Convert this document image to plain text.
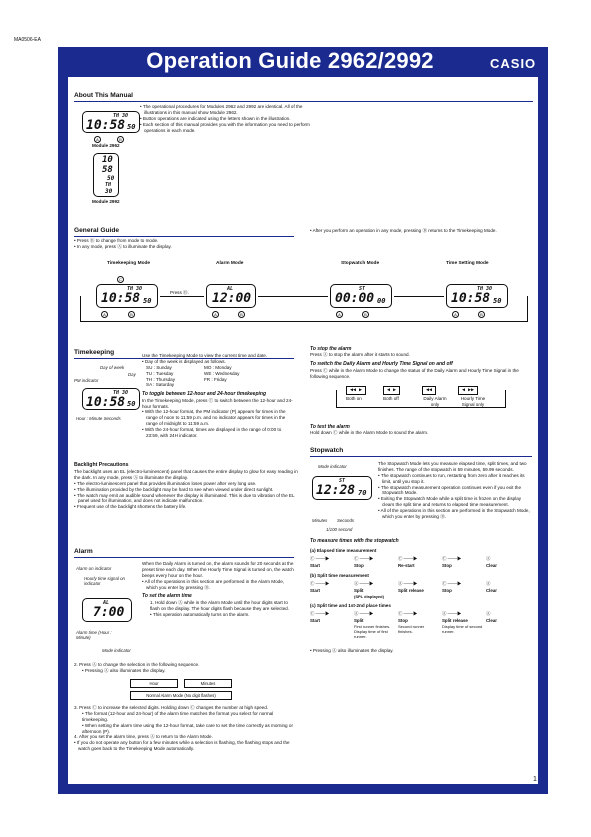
MA0506-EA
Operation Guide 2962/2992	CASIO
About This Manual
TH 30
10:58 50
A	B
Module 2962
10
58
50
TH
30
Module 2992

• The operational procedures for Modules 2962 and 2992 are identical. All of the illustrations in this manual show Module 2962.

• Button operations are indicated using the letters shown in the illustration.

• Each section of this manual provides you with the information you need to perform operations in each mode.

General Guide

• Press Ⓑ to change from mode to mode.

• In any mode, press Ⓐ to illuminate the display.

• After you perform an operation in any mode, pressing Ⓑ returns to the Timekeeping Mode.

Timekeeping Mode	Alarm Mode	Stopwatch Mode	Time Setting Mode
C
TH 30
10:58 50
Press Ⓑ.
AL
12:00
ST
00:00 00
TH 30
10:58 50
A	B	A	B	A	B	A	B
Timekeeping
Day of week
Day
PM indicator
TH 30
10:58 50
Hour : Minute Seconds

Use the Timekeeping Mode to view the current time and date.

• Day of the week is displayed as follows.

SU : Sunday	MO : Monday
TU : Tuesday	WE : Wednesday
TH : Thursday	FR : Friday
SA : Saturday

To toggle between 12-hour and 24-hour timekeeping

In the Timekeeping Mode, press Ⓒ to switch between the 12-hour and 24-hour formats.

• With the 12-hour format, the PM indicator (P) appears for times in the range of noon to 11:59 p.m. and no indicator appears for times in the range of midnight to 11:59 a.m.

• With the 24-hour format, times are displayed in the range of 0:00 to 23:59, with 24H indicator.

Backlight Precautions

The backlight uses an EL (electro-luminescent) panel that causes the entire display to glow for easy reading in the dark. In any mode, press Ⓐ to illuminate the display.

• The electro-luminescent panel that provides illumination loses power after very long use.

• The illumination provided by the backlight may be hard to see when viewed under direct sunlight.

• The watch may emit an audible sound whenever the display is illuminated. This is due to vibration of the EL panel used for illumination, and does not indicate malfunction.

• Frequent use of the backlight shortens the battery life.

Alarm
Alarm on indicator
Hourly time signal on indicator
AL
7:00
Alarm time (Hour : Minute)
Mode indicator

When the Daily Alarm is turned on, the alarm sounds for 20 seconds at the preset time each day. When the Hourly Time Signal is turned on, the watch beeps every hour on the hour.

• All of the operations in this section are performed in the Alarm Mode, which you enter by pressing Ⓑ.

To set the alarm time

1. Hold down Ⓐ while in the Alarm Mode until the hour digits start to flash on the display. The hour digits flash because they are selected.

• This operation automatically turns on the alarm.

2. Press Ⓐ to change the selection in the following sequence.

• Pressing Ⓐ also illuminates the display.

Hour	Minutes
Normal Alarm Mode (No digit flashes)

3. Press Ⓒ to increase the selected digits. Holding down Ⓒ changes the number at high speed.

• The format (12-hour and 24-hour) of the alarm time matches the format you select for normal timekeeping.

• When setting the alarm time using the 12-hour format, take care to set the time correctly as morning or afternoon (P).

4. After you set the alarm time, press Ⓐ to return to the Alarm Mode.

• If you do not operate any button for a few minutes while a selection is flashing, the flashing stops and the watch goes back to the Timekeeping Mode automatically.

To stop the alarm

Press Ⓐ to stop the alarm after it starts to sound.

To switch the Daily Alarm and Hourly Time Signal on and off

Press Ⓒ while in the Alarm Mode to change the status of the Daily Alarm and Hourly Time Signal in the following sequence.

◀◀ ▶	◀ ▶	◀◀	◀ ▶▶
Both on	Both off	Daily Alarm only
Hourly Time Signal only

To test the alarm

Hold down Ⓒ while in the Alarm Mode to sound the alarm.

Stopwatch
Mode indicator
ST
12:28 70
Minutes Seconds
1/100 second

The Stopwatch Mode lets you measure elapsed time, split times, and two finishes. The range of the stopwatch is 59 minutes, 59.99 seconds.

• The stopwatch continues to run, restarting from zero after it reaches its limit, until you stop it.

• The stopwatch measurement operation continues even if you exit the Stopwatch Mode.

• Exiting the Stopwatch Mode while a split time is frozen on the display clears the split time and returns to elapsed time measurement.

• All of the operations in this section are performed in the Stopwatch Mode, which you enter by pressing Ⓑ.

To measure times with the stopwatch
(a) Elapsed time measurement
Ⓒ ───▶	Ⓒ ───▶	Ⓒ ───▶	Ⓒ ───▶	Ⓐ
Start	Stop	Re-start	Stop	Clear
(b) Split time measurement
Ⓒ ───▶	Ⓐ ───▶	Ⓐ ───▶	Ⓒ ───▶	Ⓐ
Start	Split	Split release	Stop	Clear
(SPL displayed)
(c) Split time and 1st-2nd place times
Ⓒ ───▶	Ⓐ ───▶	Ⓒ ───▶	Ⓐ ───▶	Ⓐ
Start	Split	Stop	Split release	Clear
First runner finishes. Display time of first runner.
Second runner finishes.
Display time of second runner.

• Pressing Ⓐ also illuminates the display.

1
